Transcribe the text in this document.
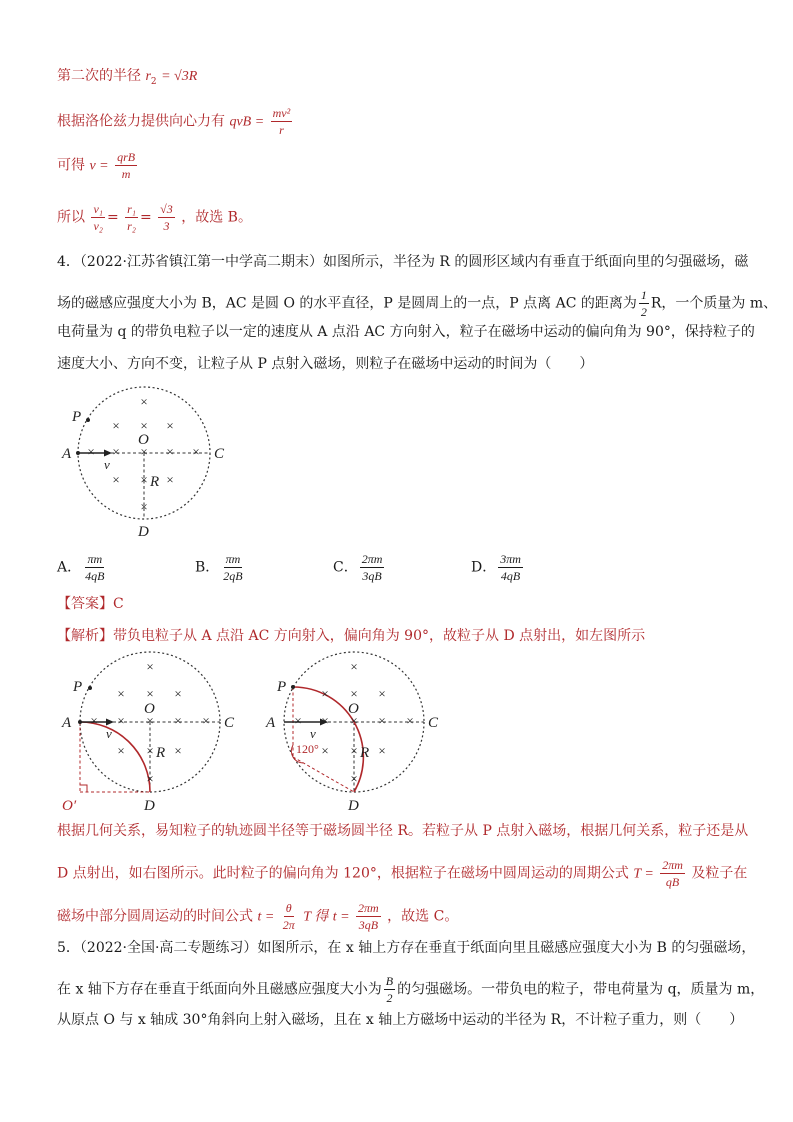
第二次的半径 $r_2 = √3R$
根据洛伦兹力提供向心力有 qvB = $\frac{\text{mv²}}{r}$
可得 $v = \frac{\text{qrB}}{m}$
所以 $\frac{\text{v₁}}{\text{v₂}} = \frac{\text{r₁}}{\text{r₂}} = \frac{√3}{3}$ ，故选 B。
4．（2022·江苏省镇江第一中学高二期末）如图所示，半径为 R 的圆形区域内有垂直于纸面向里的匀强磁场，磁
场的磁感应强度大小为 B，AC 是圆 O 的水平直径，P 是圆周上的一点，P 点离 AC 的距离为 $\frac{1}{2}$ R，一个质量为 m、
电荷量为 q 的带负电粒子以一定的速度从 A 点沿 AC 方向射入，粒子在磁场中运动的偏向角为 90°，保持粒子的
速度大小、方向不变，让粒子从 P 点射入磁场，则粒子在磁场中运动的时间为（　　）
×
× × ×
× × × × ×
× × ×
×
P
A	C
O
R
v
D
A． $\frac{\pi m}{4qB}$	B． $\frac{\pi m}{2qB}$	C． $\frac{2\pi m}{3qB}$	D． $\frac{3\pi m}{4qB}$
【答案】C
【解析】带负电粒子从 A 点沿 AC 方向射入，偏向角为 90°，故粒子从 D 点射出，如左图所示
×
× × ×
× × × × ×
× × ×
×
P
A	C
O
R
v
D
O′
×
× × ×
× × × × ×
× × ×
×
P
A	C
O
R
v
D
120°
根据几何关系，易知粒子的轨迹圆半径等于磁场圆半径 R。若粒子从 P 点射入磁场，根据几何关系，粒子还是从
D 点射出，如右图所示。此时粒子的偏向角为 120°，根据粒子在磁场中圆周运动的周期公式 $T = \frac{2\pi m}{qB}$ 及粒子在
磁场中部分圆周运动的时间公式 $t = \frac{\theta}{2\pi}$ T 得 $t = \frac{2\pi m}{3qB}$ ，故选 C。
5．（2022·全国·高二专题练习）如图所示，在 x 轴上方存在垂直于纸面向里且磁感应强度大小为 B 的匀强磁场，
在 x 轴下方存在垂直于纸面向外且磁感应强度大小为 $\frac{B}{2}$ 的匀强磁场。一带负电的粒子，带电荷量为 q，质量为 m，
从原点 O 与 x 轴成 30°角斜向上射入磁场，且在 x 轴上方磁场中运动的半径为 R，不计粒子重力，则（　　）
